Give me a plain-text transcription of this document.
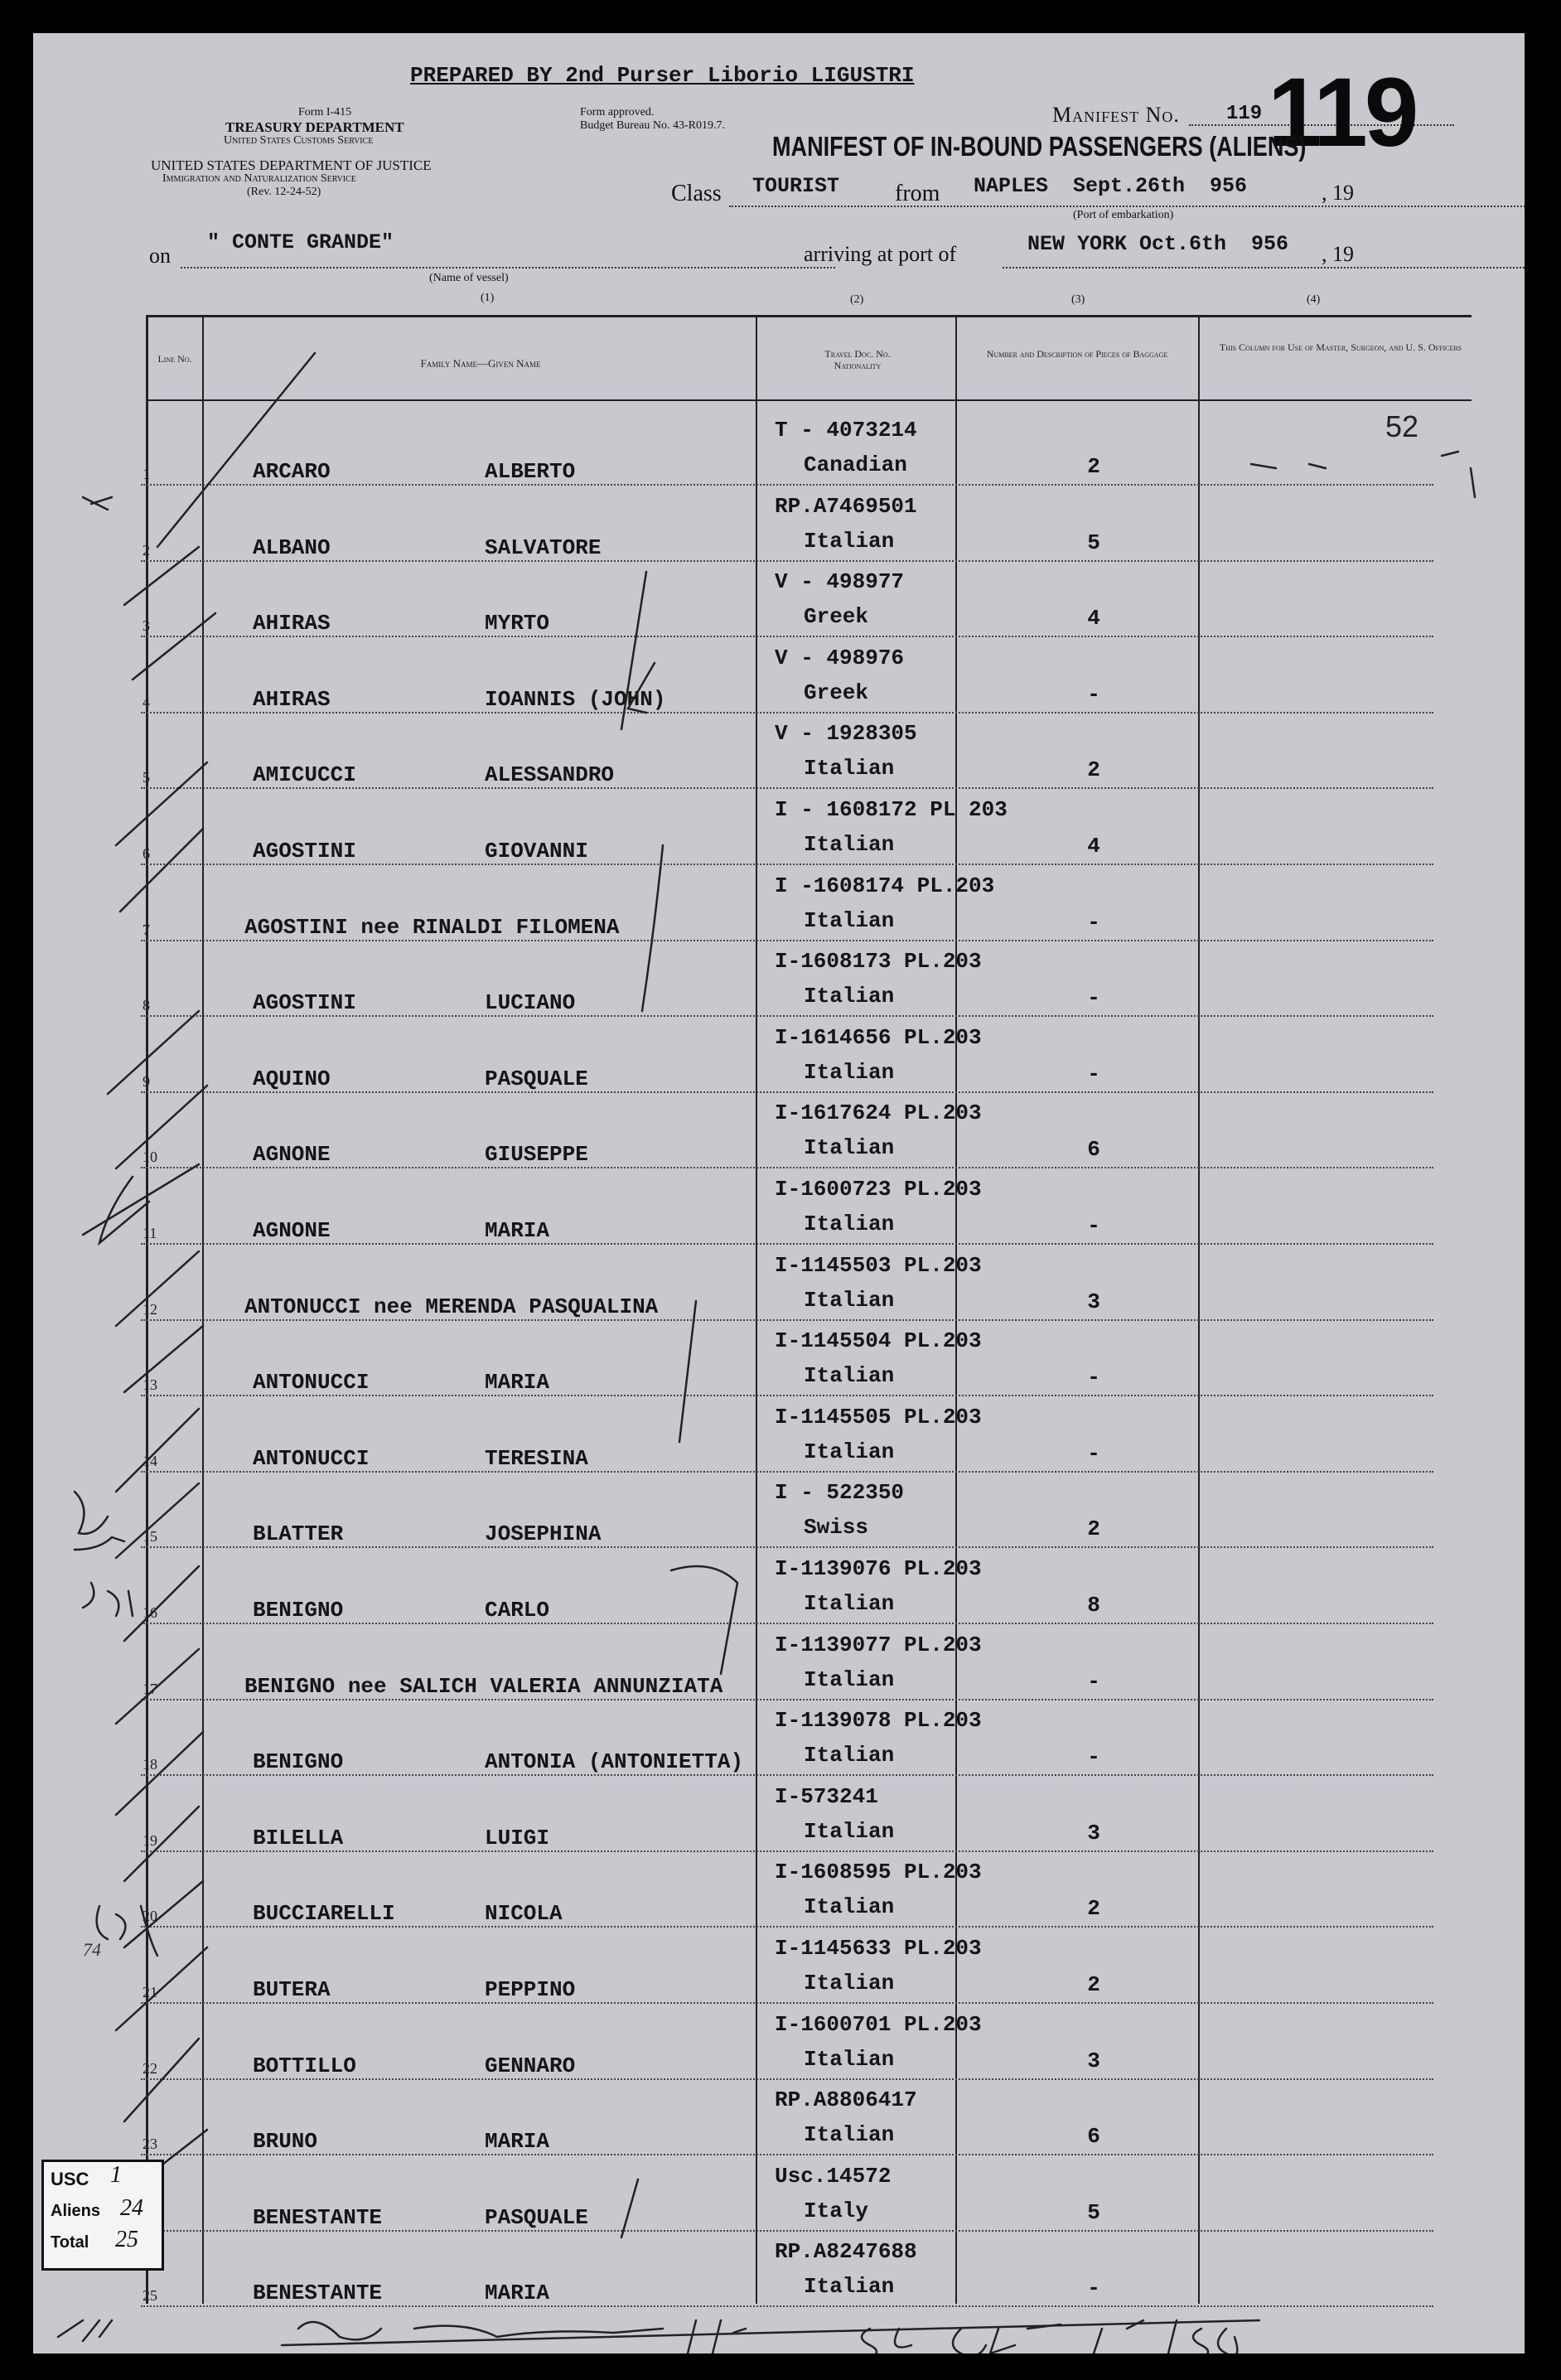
PREPARED BY 2nd Purser Liborio LIGUSTRI
Form I-415
TREASURY DEPARTMENT
United States Customs Service
UNITED STATES DEPARTMENT OF JUSTICE
Immigration and Naturalization Service
(Rev. 12-24-52)
Form approved.
Budget Bureau No. 43-R019.7.	Manifest No. 119 119
MANIFEST OF IN-BOUND PASSENGERS (ALIENS)
Class TOURIST from NAPLES  Sept.26th  956	, 19
(Port of embarkation)
on
" CONTE GRANDE"
(Name of vessel)
arriving at port of	NEW YORK Oct.6th  956 , 19
(1)	(2)	(3)	(4)
Line No.	Family Name—Given Name
Travel Doc. No. Nationality
Number and Description of Pieces of Baggage
This Column for Use of Master, Surgeon, and U. S. Officers
52
1	ARCARO	ALBERTO
T - 4073214
Canadian	2
2	ALBANO	SALVATORE
RP.A7469501
Italian	5
3	AHIRAS	MYRTO
V - 498977
Greek	4
4	AHIRAS	IOANNIS (JOHN)
V - 498976
Greek	-
5	AMICUCCI	ALESSANDRO
V - 1928305
Italian	2
6	AGOSTINI	GIOVANNI
I - 1608172 PL 203
Italian	4
7	AGOSTINI nee RINALDI FILOMENA
I -1608174 PL.203
Italian	-
8	AGOSTINI	LUCIANO
I-1608173 PL.203
Italian	-
9	AQUINO	PASQUALE
I-1614656 PL.203
Italian	-
10	AGNONE	GIUSEPPE
I-1617624 PL.203
Italian	6
11	AGNONE	MARIA
I-1600723 PL.203
Italian	-
12	ANTONUCCI nee MERENDA PASQUALINA
I-1145503 PL.203
Italian	3
13	ANTONUCCI	MARIA
I-1145504 PL.203
Italian	-
14	ANTONUCCI	TERESINA
I-1145505 PL.203
Italian	-
15	BLATTER	JOSEPHINA
I - 522350
Swiss	2
16	BENIGNO	CARLO
I-1139076 PL.203
Italian	8
17	BENIGNO nee SALICH VALERIA ANNUNZIATA
I-1139077 PL.203
Italian	-
18	BENIGNO	ANTONIA (ANTONIETTA)
I-1139078 PL.203
Italian	-
19	BILELLA	LUIGI
I-573241
Italian	3
20	BUCCIARELLI	NICOLA
I-1608595 PL.203
Italian	2
21	BUTERA	PEPPINO
I-1145633 PL.203
Italian	2
22	BOTTILLO	GENNARO
I-1600701 PL.203
Italian	3
23	BRUNO	MARIA
RP.A8806417
Italian	6
BENESTANTE	PASQUALE
Usc.14572
Italy	5
25	BENESTANTE	MARIA
RP.A8247688
Italian	-
74
USC 1
Aliens 24
Total 25
